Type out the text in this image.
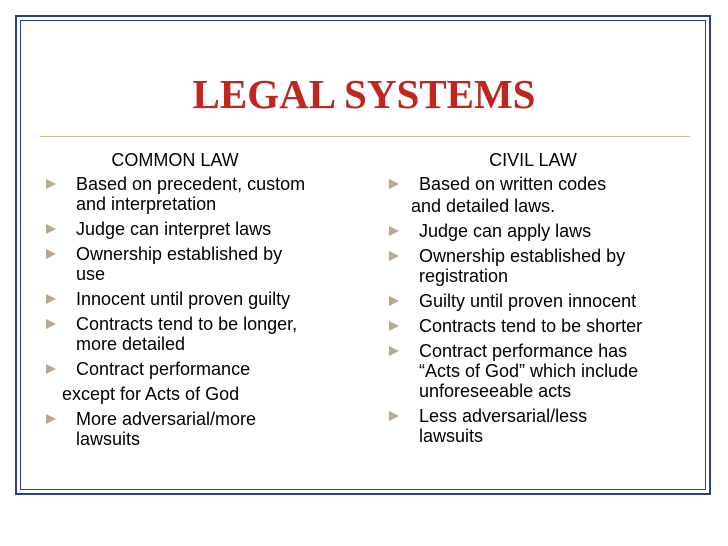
LEGAL SYSTEMS
COMMON LAW
Based on precedent, custom
and interpretation
Judge can interpret laws
Ownership established by
use
Innocent until proven guilty
Contracts tend to be longer,
more detailed
Contract performance
except for Acts of God
More adversarial/more
lawsuits
CIVIL LAW
Based on written codes
and detailed laws.
Judge can apply laws
Ownership established by
registration
Guilty until proven innocent
Contracts tend to be shorter
Contract performance has
“Acts of God” which include
unforeseeable acts
Less adversarial/less
lawsuits
